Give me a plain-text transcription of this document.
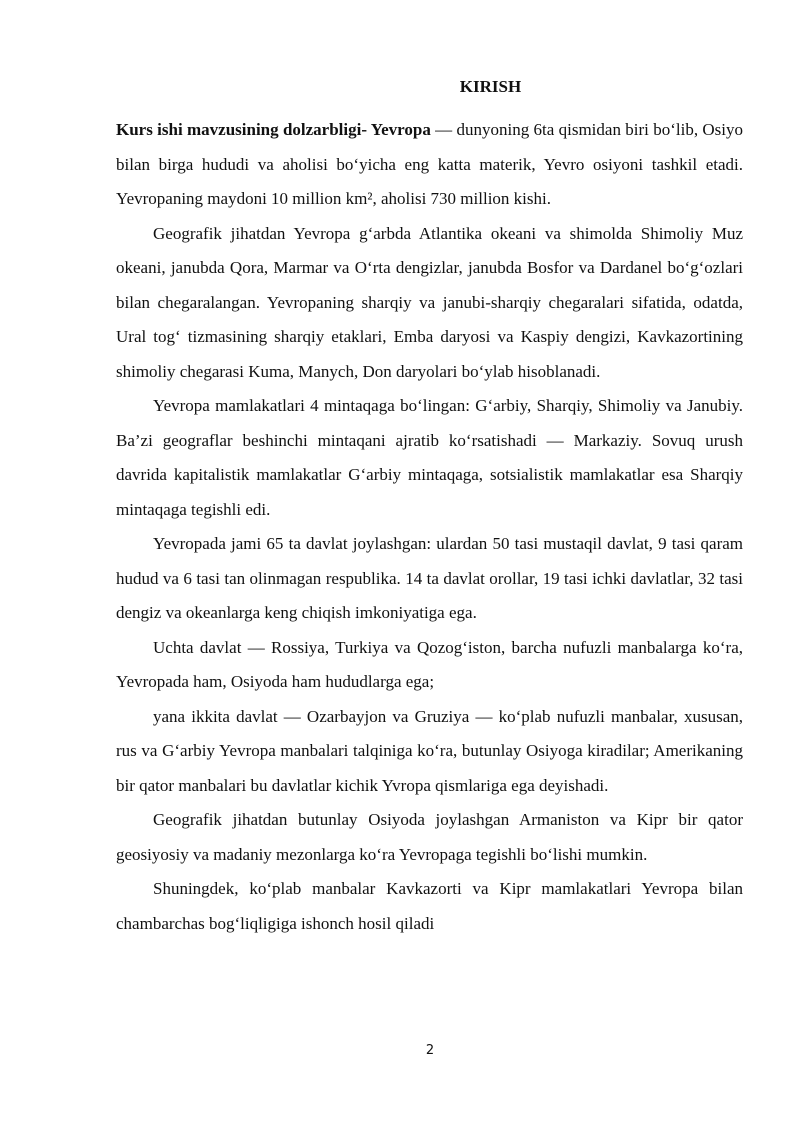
KIRISH

Kurs ishi mavzusining dolzarbligi- Yevropa — dunyoning 6ta qismidan biri bo‘lib, Osiyo bilan birga hududi va aholisi bo‘yicha eng katta materik, Yevro osiyoni tashkil etadi. Yevropaning maydoni 10 million km², aholisi 730 million kishi.

Geografik jihatdan Yevropa g‘arbda Atlantika okeani va shimolda Shimoliy Muz okeani, janubda Qora, Marmar va O‘rta dengizlar, janubda Bosfor va Dardanel bo‘g‘ozlari bilan chegaralangan. Yevropaning sharqiy va janubi-sharqiy chegaralari sifatida, odatda, Ural tog‘ tizmasining sharqiy etaklari, Emba daryosi va Kaspiy dengizi, Kavkazortining shimoliy chegarasi Kuma, Manych, Don daryolari bo‘ylab hisoblanadi.

Yevropa mamlakatlari 4 mintaqaga bo‘lingan: G‘arbiy, Sharqiy, Shimoliy va Janubiy. Ba’zi geograflar beshinchi mintaqani ajratib ko‘rsatishadi — Markaziy. Sovuq urush davrida kapitalistik mamlakatlar G‘arbiy mintaqaga, sotsialistik mamlakatlar esa Sharqiy mintaqaga tegishli edi.

Yevropada jami 65 ta davlat joylashgan: ulardan 50 tasi mustaqil davlat, 9 tasi qaram hudud va 6 tasi tan olinmagan respublika. 14 ta davlat orollar, 19 tasi ichki davlatlar, 32 tasi dengiz va okeanlarga keng chiqish imkoniyatiga ega.

Uchta davlat — Rossiya, Turkiya va Qozog‘iston, barcha nufuzli manbalarga ko‘ra, Yevropada ham, Osiyoda ham hududlarga ega;

yana ikkita davlat — Ozarbayjon va Gruziya — ko‘plab nufuzli manbalar, xususan, rus va G‘arbiy Yevropa manbalari talqiniga ko‘ra, butunlay Osiyoga kiradilar; Amerikaning bir qator manbalari bu davlatlar kichik Yvropa qismlariga ega deyishadi.

Geografik jihatdan butunlay Osiyoda joylashgan Armaniston va Kipr bir qator geosiyosiy va madaniy mezonlarga ko‘ra Yevropaga tegishli bo‘lishi mumkin.

Shuningdek, ko‘plab manbalar Kavkazorti va Kipr mamlakatlari Yevropa bilan chambarchas bog‘liqligiga ishonch hosil qiladi

2
